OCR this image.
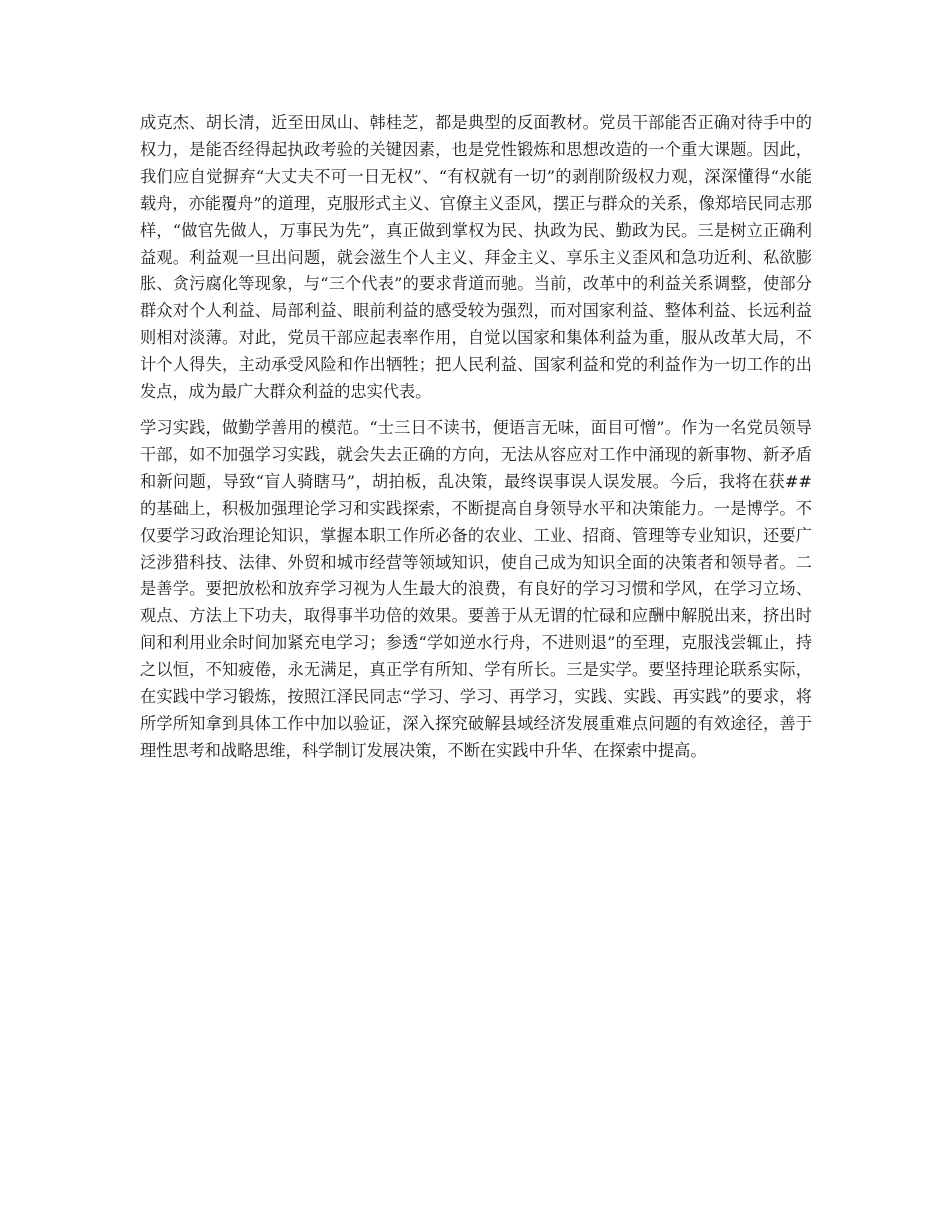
成克杰、胡长清，近至田凤山、韩桂芝，都是典型的反面教材。党员干部能否正确对待手中的权力，是能否经得起执政考验的关键因素，也是党性锻炼和思想改造的一个重大课题。因此，我们应自觉摒弃“大丈夫不可一日无权”、“有权就有一切”的剥削阶级权力观，深深懂得“水能载舟，亦能覆舟”的道理，克服形式主义、官僚主义歪风，摆正与群众的关系，像郑培民同志那样，“做官先做人，万事民为先”，真正做到掌权为民、执政为民、勤政为民。三是树立正确利益观。利益观一旦出问题，就会滋生个人主义、拜金主义、享乐主义歪风和急功近利、私欲膨胀、贪污腐化等现象，与“三个代表”的要求背道而驰。当前，改革中的利益关系调整，使部分群众对个人利益、局部利益、眼前利益的感受较为强烈，而对国家利益、整体利益、长远利益则相对淡薄。对此，党员干部应起表率作用，自觉以国家和集体利益为重，服从改革大局，不计个人得失，主动承受风险和作出牺牲；把人民利益、国家利益和党的利益作为一切工作的出发点，成为最广大群众利益的忠实代表。

学习实践，做勤学善用的模范。“士三日不读书，便语言无味，面目可憎”。作为一名党员领导干部，如不加强学习实践，就会失去正确的方向，无法从容应对工作中涌现的新事物、新矛盾和新问题，导致“盲人骑瞎马”，胡拍板，乱决策，最终误事误人误发展。今后，我将在获##的基础上，积极加强理论学习和实践探索，不断提高自身领导水平和决策能力。一是博学。不仅要学习政治理论知识，掌握本职工作所必备的农业、工业、招商、管理等专业知识，还要广泛涉猎科技、法律、外贸和城市经营等领域知识，使自己成为知识全面的决策者和领导者。二是善学。要把放松和放弃学习视为人生最大的浪费，有良好的学习习惯和学风，在学习立场、观点、方法上下功夫，取得事半功倍的效果。要善于从无谓的忙碌和应酬中解脱出来，挤出时间和利用业余时间加紧充电学习；参透“学如逆水行舟，不进则退”的至理，克服浅尝辄止，持之以恒，不知疲倦，永无满足，真正学有所知、学有所长。三是实学。要坚持理论联系实际，在实践中学习锻炼，按照江泽民同志“学习、学习、再学习，实践、实践、再实践”的要求，将所学所知拿到具体工作中加以验证，深入探究破解县域经济发展重难点问题的有效途径，善于理性思考和战略思维，科学制订发展决策，不断在实践中升华、在探索中提高。
